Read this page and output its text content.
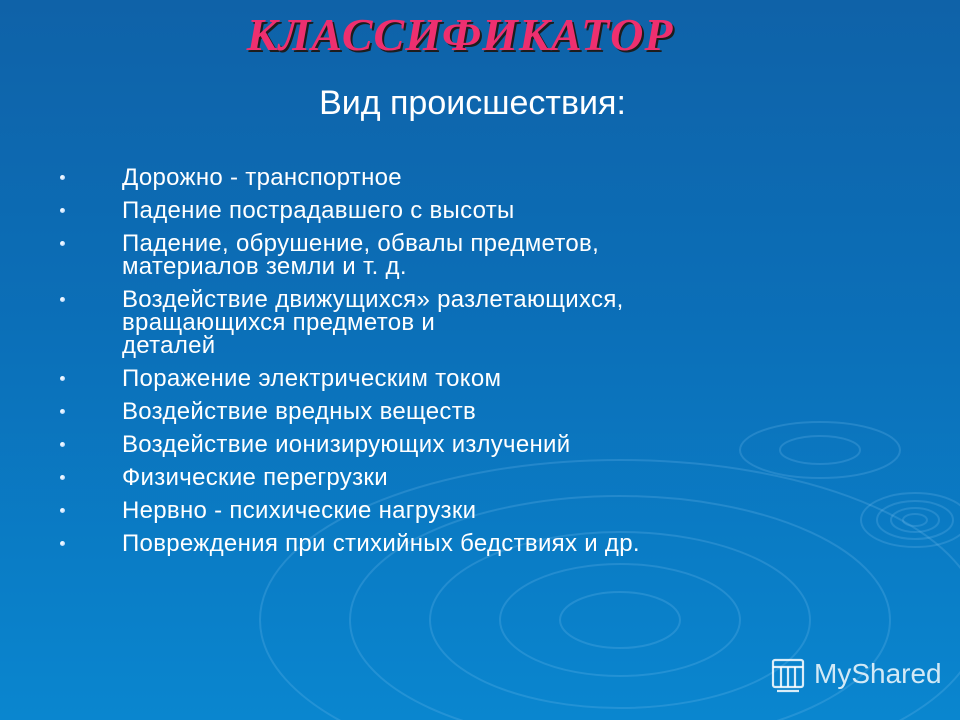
КЛАССИФИКАТОР
Вид происшествия:
Дорожно - транспортное
Падение пострадавшего с высоты
Падение, обрушение, обвалы предметов,
материалов земли и т. д.
Воздействие движущихся» разлетающихся,
вращающихся предметов и
деталей
Поражение электрическим током
Воздействие вредных веществ
Воздействие ионизирующих излучений
Физические перегрузки
Нервно - психические нагрузки
Повреждения при стихийных бедствиях и др.
MyShared
